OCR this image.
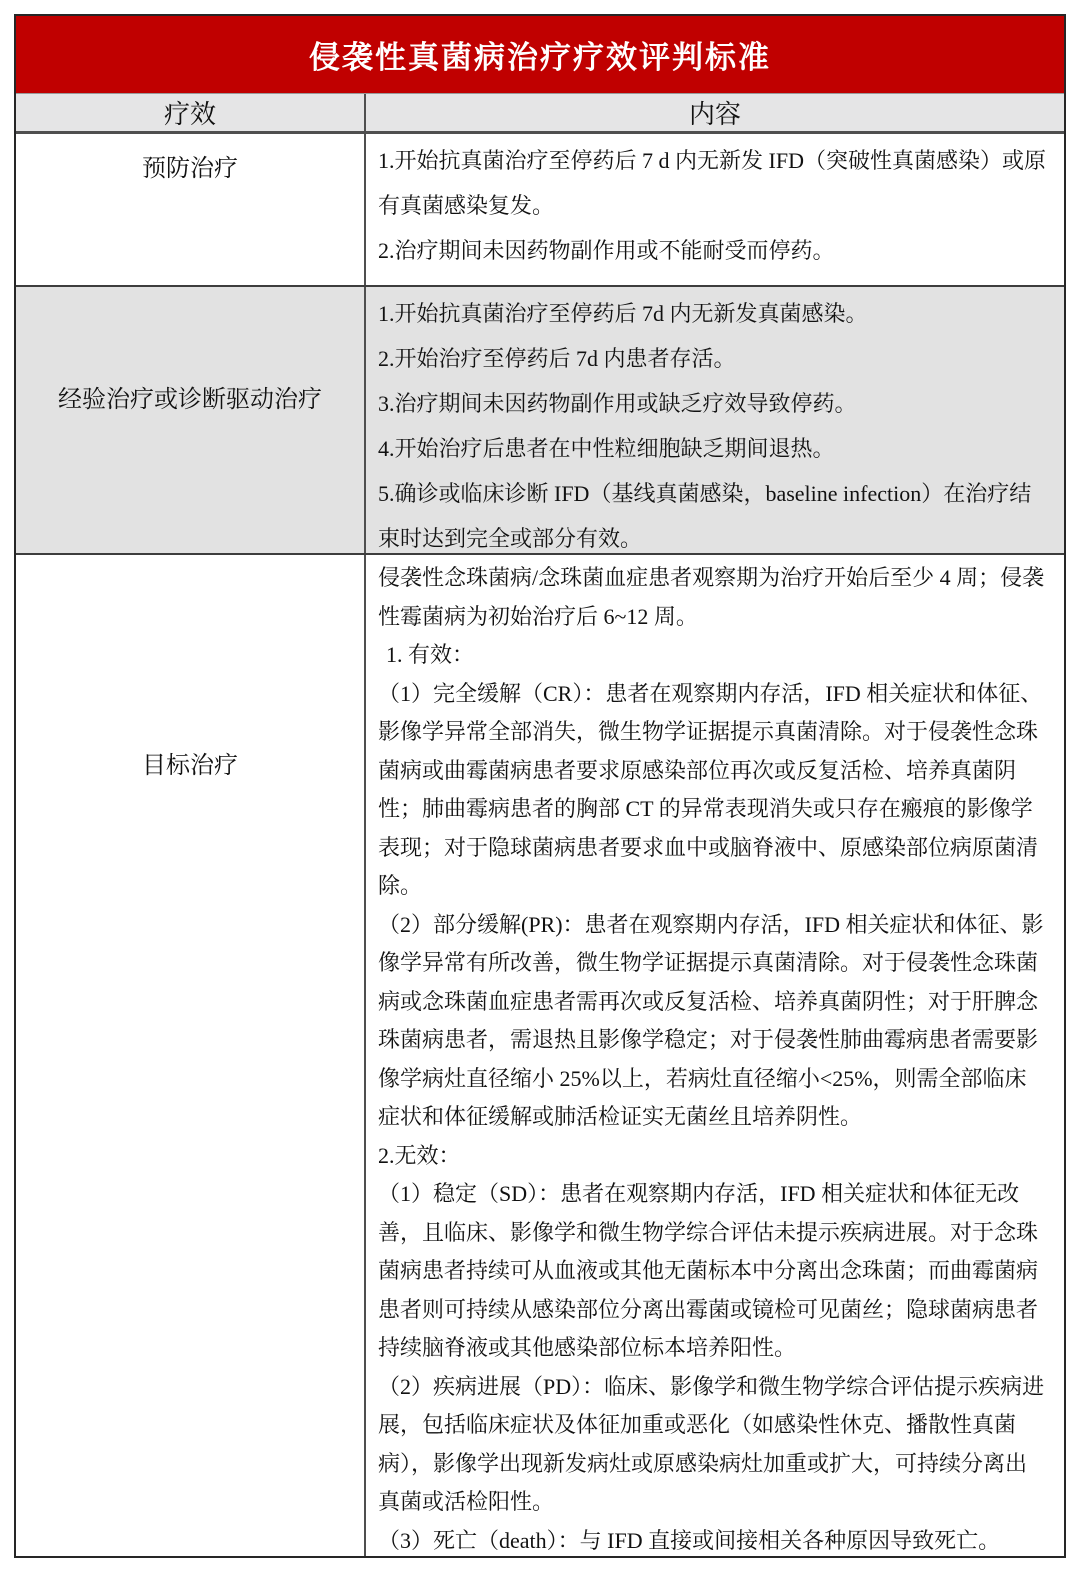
侵袭性真菌病治疗疗效评判标准
疗效	内容
预防治疗	1.开始抗真菌治疗至停药后 7 d 内无新发 IFD（突破性真菌感染）或原有真菌感染复发。

2.治疗期间未因药物副作用或不能耐受而停药。

经验治疗或诊断驱动治疗

1.开始抗真菌治疗至停药后 7d 内无新发真菌感染。

2.开始治疗至停药后 7d 内患者存活。

3.治疗期间未因药物副作用或缺乏疗效导致停药。

4.开始治疗后患者在中性粒细胞缺乏期间退热。

5.确诊或临床诊断 IFD（基线真菌感染，baseline infection）在治疗结束时达到完全或部分有效。

目标治疗

侵袭性念珠菌病/念珠菌血症患者观察期为治疗开始后至少 4 周；侵袭性霉菌病为初始治疗后 6~12 周。

1. 有效：

（1）完全缓解（CR）：患者在观察期内存活，IFD 相关症状和体征、影像学异常全部消失，微生物学证据提示真菌清除。对于侵袭性念珠菌病或曲霉菌病患者要求原感染部位再次或反复活检、培养真菌阴性；肺曲霉病患者的胸部 CT 的异常表现消失或只存在瘢痕的影像学表现；对于隐球菌病患者要求血中或脑脊液中、原感染部位病原菌清除。

（2）部分缓解(PR)：患者在观察期内存活，IFD 相关症状和体征、影像学异常有所改善，微生物学证据提示真菌清除。对于侵袭性念珠菌病或念珠菌血症患者需再次或反复活检、培养真菌阴性；对于肝脾念珠菌病患者，需退热且影像学稳定；对于侵袭性肺曲霉病患者需要影像学病灶直径缩小 25%以上，若病灶直径缩小<25%，则需全部临床症状和体征缓解或肺活检证实无菌丝且培养阴性。

2.无效：

（1）稳定（SD）：患者在观察期内存活，IFD 相关症状和体征无改善，且临床、影像学和微生物学综合评估未提示疾病进展。对于念珠菌病患者持续可从血液或其他无菌标本中分离出念珠菌；而曲霉菌病患者则可持续从感染部位分离出霉菌或镜检可见菌丝；隐球菌病患者持续脑脊液或其他感染部位标本培养阳性。

（2）疾病进展（PD）：临床、影像学和微生物学综合评估提示疾病进展，包括临床症状及体征加重或恶化（如感染性休克、播散性真菌病），影像学出现新发病灶或原感染病灶加重或扩大，可持续分离出真菌或活检阳性。

（3）死亡（death）：与 IFD 直接或间接相关各种原因导致死亡。
